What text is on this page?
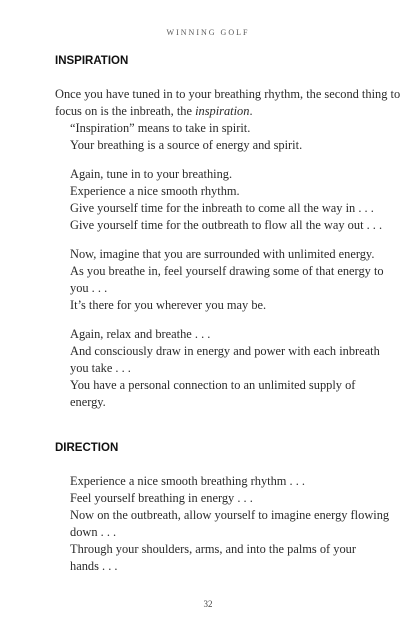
WINNING GOLF
INSPIRATION
Once you have tuned in to your breathing rhythm, the second thing to
focus on is the inbreath, the inspiration.
“Inspiration” means to take in spirit.
Your breathing is a source of energy and spirit.
Again, tune in to your breathing.
Experience a nice smooth rhythm.
Give yourself time for the inbreath to come all the way in . . .
Give yourself time for the outbreath to flow all the way out . . .
Now, imagine that you are surrounded with unlimited energy.
As you breathe in, feel yourself drawing some of that energy to
you . . .
It’s there for you wherever you may be.
Again, relax and breathe . . .
And consciously draw in energy and power with each inbreath
you take . . .
You have a personal connection to an unlimited supply of
energy.
DIRECTION
Experience a nice smooth breathing rhythm . . .
Feel yourself breathing in energy . . .
Now on the outbreath, allow yourself to imagine energy flowing
down . . .
Through your shoulders, arms, and into the palms of your
hands . . .
32
